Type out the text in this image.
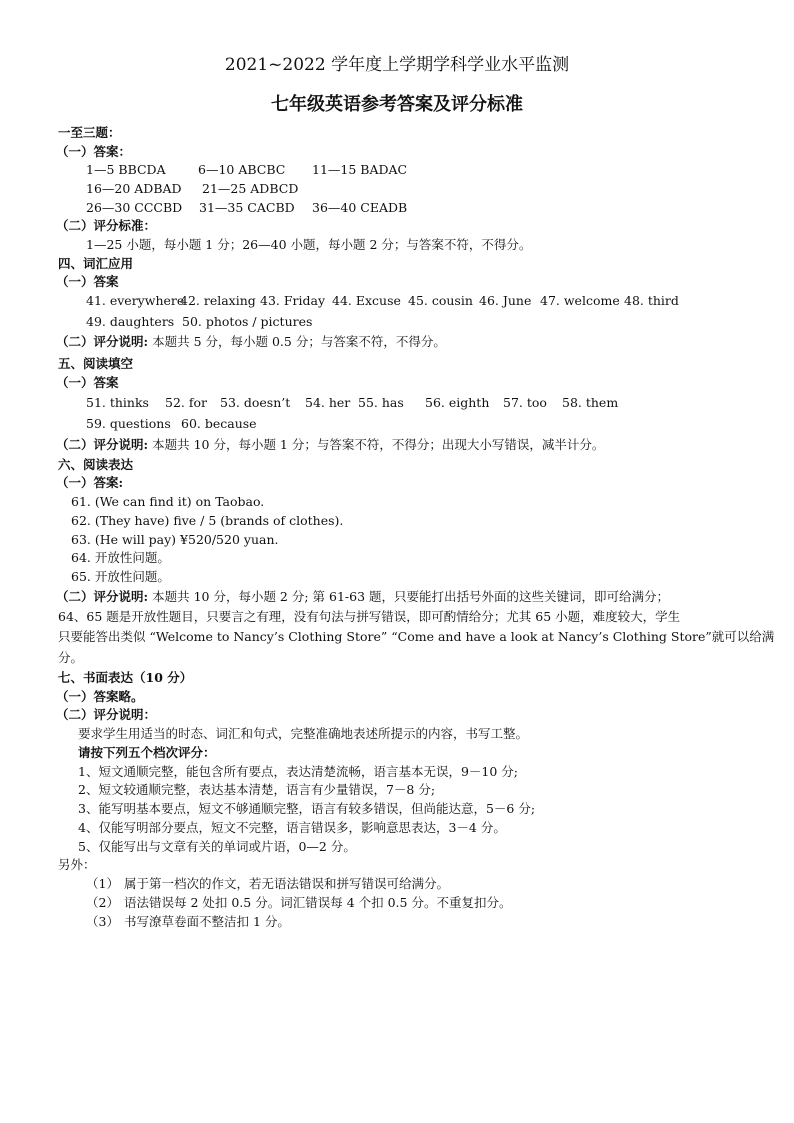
2021~2022 学年度上学期学科学业水平监测
七年级英语参考答案及评分标准
一至三题：
（一）答案：
1—5 BBCDA	6—10 ABCBC 11—15 BADAC
16—20 ADBAD 21—25 ADBCD
26—30 CCCBD 31—35 CACBD 36—40 CEADB
（二）评分标准：
1—25 小题，每小题 1 分；26—40 小题，每小题 2 分；与答案不符，不得分。
四、词汇应用
（一）答案
41. everywhere42. relaxing 43. Friday 44. Excuse 45. cousin 46. June 47. welcome 48. third
49. daughters 50. photos / pictures
（二）评分说明: 本题共 5 分，每小题 0.5 分；与答案不符，不得分。
五、阅读填空
（一）答案
51. thinks 52. for 53. doesn’t 54. her 55. has 56. eighth 57. too 58. them
59. questions 60. because
（二）评分说明: 本题共 10 分，每小题 1 分；与答案不符，不得分；出现大小写错误，减半计分。
六、阅读表达
（一）答案:
61. (We can find it) on Taobao.
62. (They have) five / 5 (brands of clothes).
63. (He will pay) ¥520/520 yuan.
64. 开放性问题。
65. 开放性问题。
（二）评分说明: 本题共 10 分，每小题 2 分; 第 61-63 题，只要能打出括号外面的这些关键词，即可给满分；
64、65 题是开放性题目，只要言之有理，没有句法与拼写错误，即可酌情给分；尤其 65 小题，难度较大，学生
只要能答出类似 “Welcome to Nancy’s Clothing Store” “Come and have a look at Nancy’s Clothing Store”就可以给满
分。
七、书面表达（10 分）
（一）答案略。
（二）评分说明：
要求学生用适当的时态、词汇和句式，完整准确地表述所提示的内容，书写工整。
请按下列五个档次评分：
1、短文通顺完整，能包含所有要点，表达清楚流畅，语言基本无误，9－10 分;
2、短文较通顺完整，表达基本清楚，语言有少量错误，7－8 分;
3、能写明基本要点，短文不够通顺完整，语言有较多错误，但尚能达意，5－6 分;
4、仅能写明部分要点，短文不完整，语言错误多，影响意思表达，3－4 分。
5、仅能写出与文章有关的单词或片语，0—2 分。
另外：
（1） 属于第一档次的作文，若无语法错误和拼写错误可给满分。
（2） 语法错误每 2 处扣 0.5 分。词汇错误每 4 个扣 0.5 分。不重复扣分。
（3） 书写潦草卷面不整洁扣 1 分。
